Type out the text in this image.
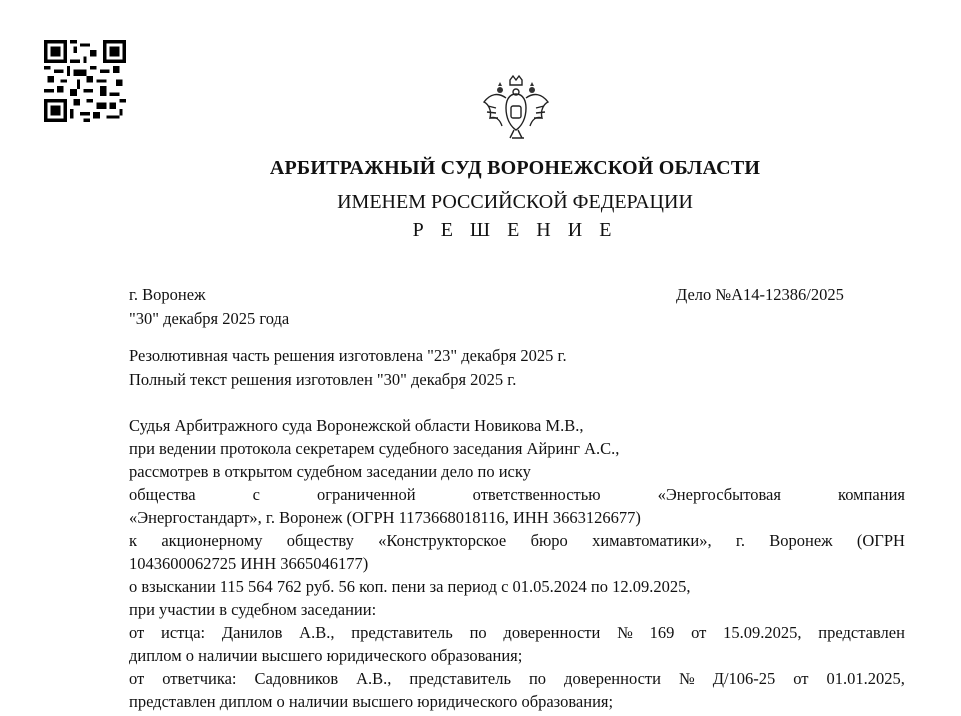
АРБИТРАЖНЫЙ СУД ВОРОНЕЖСКОЙ ОБЛАСТИ
ИМЕНЕМ РОССИЙСКОЙ ФЕДЕРАЦИИ
Р Е Ш Е Н И Е
г. Воронеж	Дело №А14-12386/2025
"30" декабря 2025 года
Резолютивная часть решения изготовлена "23" декабря 2025 г.
Полный текст решения изготовлен "30" декабря 2025 г.
Судья Арбитражного суда Воронежской области Новикова М.В.,
при ведении протокола секретарем судебного заседания Айринг А.С.,
рассмотрев в открытом судебном заседании дело по иску
общества	с	ограниченной	ответственностью	«Энергосбытовая	компания
«Энергостандарт», г. Воронеж (ОГРН 1173668018116, ИНН 3663126677)
к акционерному обществу «Конструкторское бюро химавтоматики», г. Воронеж (ОГРН
1043600062725 ИНН 3665046177)
о взыскании 115 564 762 руб. 56 коп. пени за период с 01.05.2024 по 12.09.2025,
при участии в судебном заседании:
от истца: Данилов А.В., представитель по доверенности № 169 от 15.09.2025, представлен
диплом о наличии высшего юридического образования;
от ответчика: Садовников А.В., представитель по доверенности № Д/106-25 от 01.01.2025,
представлен диплом о наличии высшего юридического образования;
